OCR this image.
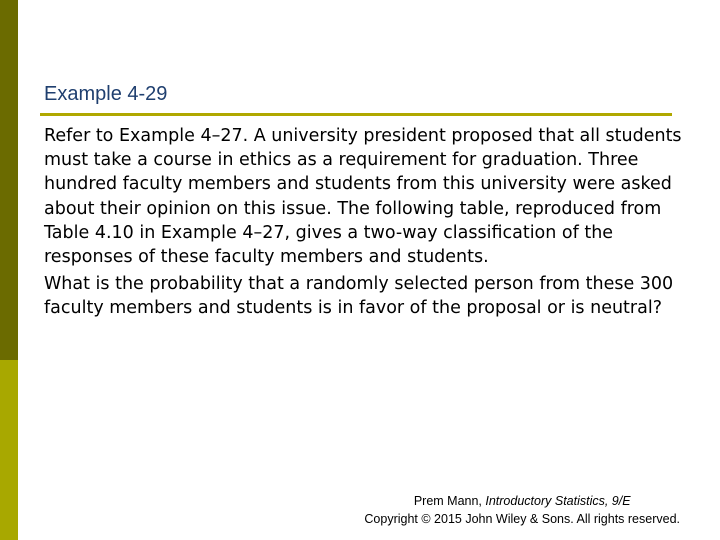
Example 4-29

Refer to Example 4–27. A university president proposed that all students must take a course in ethics as a requirement for graduation. Three hundred faculty members and students from this university were asked about their opinion on this issue. The following table, reproduced from Table 4.10 in Example 4–27, gives a two-way classification of the responses of these faculty members and students.

What is the probability that a randomly selected person from these 300 faculty members and students is in favor of the proposal or is neutral?

Prem Mann, Introductory Statistics, 9/E
Copyright © 2015 John Wiley & Sons. All rights reserved.
